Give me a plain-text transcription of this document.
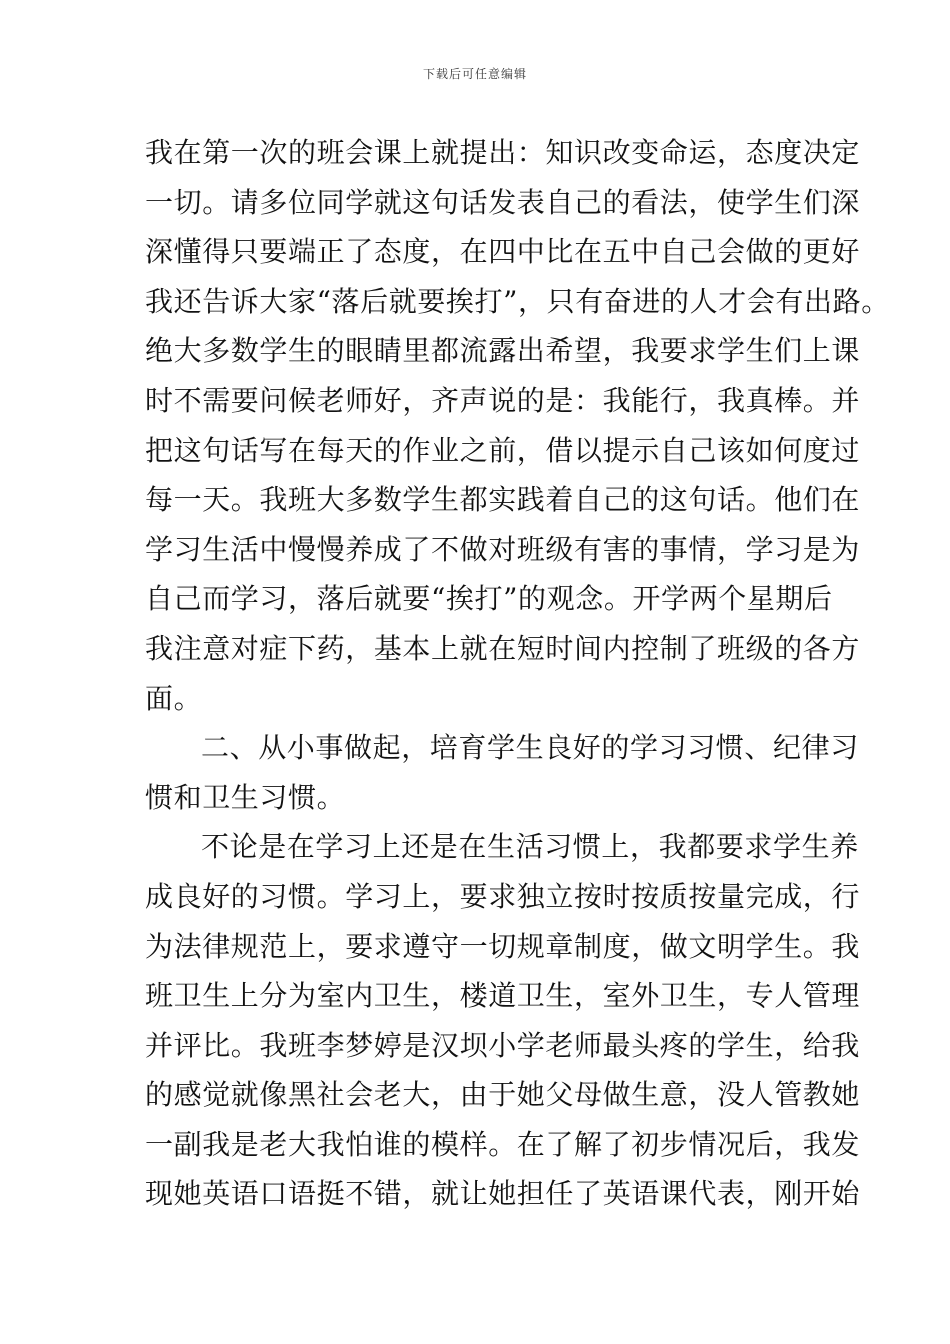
下载后可任意编辑
我在第一次的班会课上就提出：知识改变命运，态度决定
一切。请多位同学就这句话发表自己的看法，使学生们深
深懂得只要端正了态度，在四中比在五中自己会做的更好
我还告诉大家“落后就要挨打”，只有奋进的人才会有出路。
绝大多数学生的眼睛里都流露出希望，我要求学生们上课
时不需要问候老师好，齐声说的是：我能行，我真棒。并
把这句话写在每天的作业之前，借以提示自己该如何度过
每一天。我班大多数学生都实践着自己的这句话。他们在
学习生活中慢慢养成了不做对班级有害的事情，学习是为
自己而学习，落后就要“挨打”的观念。开学两个星期后
我注意对症下药，基本上就在短时间内控制了班级的各方
面。
二、从小事做起，培育学生良好的学习习惯、纪律习
惯和卫生习惯。
不论是在学习上还是在生活习惯上，我都要求学生养
成良好的习惯。学习上，要求独立按时按质按量完成，行
为法律规范上，要求遵守一切规章制度，做文明学生。我
班卫生上分为室内卫生，楼道卫生，室外卫生，专人管理
并评比。我班李梦婷是汉坝小学老师最头疼的学生，给我
的感觉就像黑社会老大，由于她父母做生意，没人管教她
一副我是老大我怕谁的模样。在了解了初步情况后，我发
现她英语口语挺不错，就让她担任了英语课代表，刚开始
